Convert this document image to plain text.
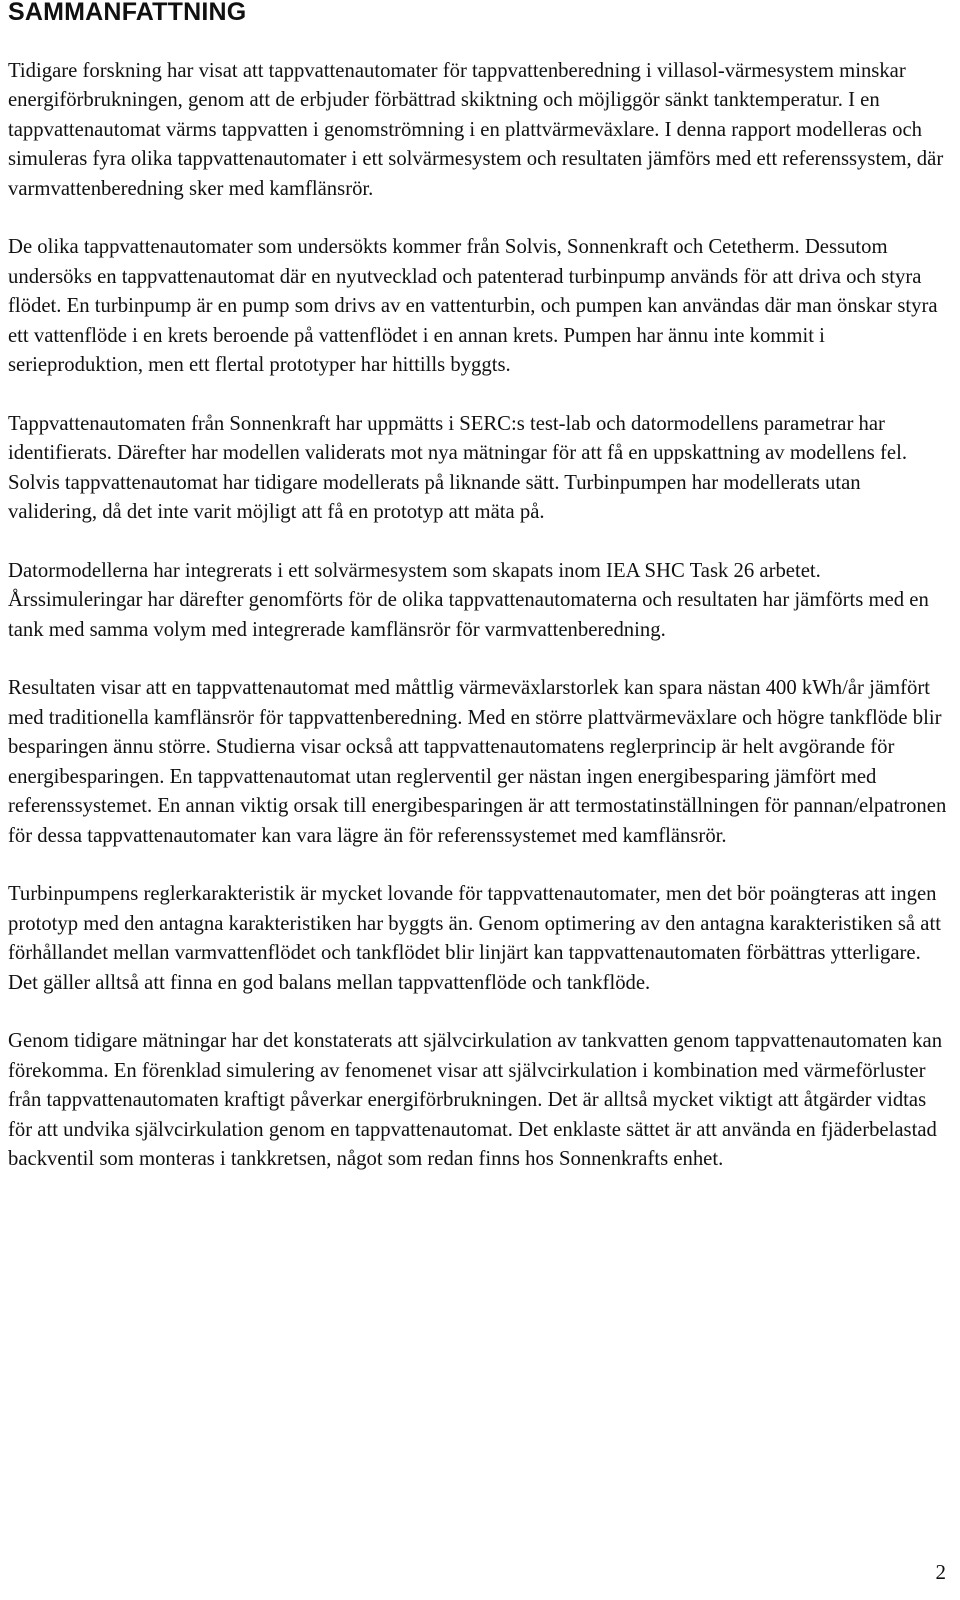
SAMMANFATTNING

Tidigare forskning har visat att tappvattenautomater för tappvattenberedning i villasol-värmesystem minskar energiförbrukningen, genom att de erbjuder förbättrad skiktning och möjliggör sänkt tanktemperatur. I en tappvattenautomat värms tappvatten i genomströmning i en plattvärmeväxlare. I denna rapport modelleras och simuleras fyra olika tappvattenautomater i ett solvärmesystem och resultaten jämförs med ett referenssystem, där varmvattenberedning sker med kamflänsrör.

De olika tappvattenautomater som undersökts kommer från Solvis, Sonnenkraft och Cetetherm. Dessutom undersöks en tappvattenautomat där en nyutvecklad och patenterad turbinpump används för att driva och styra flödet. En turbinpump är en pump som drivs av en vattenturbin, och pumpen kan användas där man önskar styra ett vattenflöde i en krets beroende på vattenflödet i en annan krets. Pumpen har ännu inte kommit i serieproduktion, men ett flertal prototyper har hittills byggts.

Tappvattenautomaten från Sonnenkraft har uppmätts i SERC:s test-lab och datormodellens parametrar har identifierats. Därefter har modellen validerats mot nya mätningar för att få en uppskattning av modellens fel. Solvis tappvattenautomat har tidigare modellerats på liknande sätt. Turbinpumpen har modellerats utan validering, då det inte varit möjligt att få en prototyp att mäta på.

Datormodellerna har integrerats i ett solvärmesystem som skapats inom IEA SHC Task 26 arbetet. Årssimuleringar har därefter genomförts för de olika tappvattenautomaterna och resultaten har jämförts med en tank med samma volym med integrerade kamflänsrör för varmvattenberedning.

Resultaten visar att en tappvattenautomat med måttlig värmeväxlarstorlek kan spara nästan 400 kWh/år jämfört med traditionella kamflänsrör för tappvattenberedning. Med en större plattvärmeväxlare och högre tankflöde blir besparingen ännu större. Studierna visar också att tappvattenautomatens reglerprincip är helt avgörande för energibesparingen. En tappvattenautomat utan reglerventil ger nästan ingen energibesparing jämfört med referenssystemet. En annan viktig orsak till energibesparingen är att termostatinställningen för pannan/elpatronen för dessa tappvattenautomater kan vara lägre än för referenssystemet med kamflänsrör.

Turbinpumpens reglerkarakteristik är mycket lovande för tappvattenautomater, men det bör poängteras att ingen prototyp med den antagna karakteristiken har byggts än. Genom optimering av den antagna karakteristiken så att förhållandet mellan varmvattenflödet och tankflödet blir linjärt kan tappvattenautomaten förbättras ytterligare. Det gäller alltså att finna en god balans mellan tappvattenflöde och tankflöde.

Genom tidigare mätningar har det konstaterats att självcirkulation av tankvatten genom tappvattenautomaten kan förekomma. En förenklad simulering av fenomenet visar att självcirkulation i kombination med värmeförluster från tappvattenautomaten kraftigt påverkar energiförbrukningen. Det är alltså mycket viktigt att åtgärder vidtas för att undvika självcirkulation genom en tappvattenautomat. Det enklaste sättet är att använda en fjäderbelastad backventil som monteras i tankkretsen, något som redan finns hos Sonnenkrafts enhet.

2
